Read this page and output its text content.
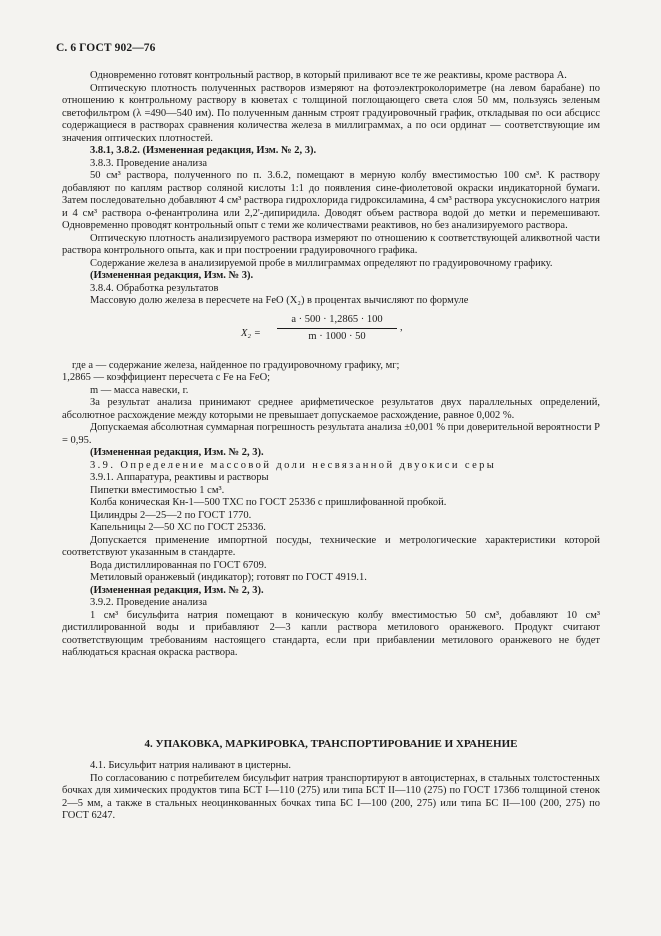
С. 6 ГОСТ 902—76

Одновременно готовят контрольный раствор, в который приливают все те же реактивы, кроме раствора А.

Оптическую плотность полученных растворов измеряют на фотоэлектроколориметре (на левом барабане) по отношению к контрольному раствору в кюветах с толщиной поглощающего света слоя 50 мм, пользуясь зеленым светофильтром (λ =490—540 им). По полученным данным строят градуировочный график, откладывая по оси абсцисс содержащиеся в растворах сравнения количества железа в миллиграммах, а по оси ординат — соответствующие им значения оптических плотностей.

3.8.1, 3.8.2. (Измененная редакция, Изм. № 2, 3).

3.8.3. Проведение анализа

50 см³ раствора, полученного по п. 3.6.2, помещают в мерную колбу вместимостью 100 см³. К раствору добавляют по каплям раствор соляной кислоты 1:1 до появления сине-фиолетовой окраски индикаторной бумаги. Затем последовательно добавляют 4 см³ раствора гидрохлорида гидроксиламина, 4 см³ раствора уксуснокислого натрия и 4 см³ раствора о-фенантролина или 2,2'-дипиридила. Доводят объем раствора водой до метки и перемешивают. Одновременно проводят контрольный опыт с теми же количествами реактивов, но без анализируемого раствора.

Оптическую плотность анализируемого раствора измеряют по отношению к соответствующей аликвотной части раствора контрольного опыта, как и при построении градуировочного графика.

Содержание железа в анализируемой пробе в миллиграммах определяют по градуировочному графику.

(Измененная редакция, Изм. № 3).

3.8.4. Обработка результатов

Массовую долю железа в пересчете на FeO (X₂) в процентах вычисляют по формуле

X₂ =
a · 500 · 1,2865 · 100
m · 1000 · 50
,

где a — содержание железа, найденное по градуировочному графику, мг;

1,2865 — коэффициент пересчета с Fe на FeO;

m — масса навески, г.

За результат анализа принимают среднее арифметическое результатов двух параллельных определений, абсолютное расхождение между которыми не превышает допускаемое расхождение, равное 0,002 %.

Допускаемая абсолютная суммарная погрешность результата анализа ±0,001 % при доверительной вероятности P = 0,95.

(Измененная редакция, Изм. № 2, 3).

3.9. Определение массовой доли несвязанной двуокиси серы

3.9.1. Аппаратура, реактивы и растворы

Пипетки вместимостью 1 см³.

Колба коническая Кн-1—500 ТХС по ГОСТ 25336 с пришлифованной пробкой.

Цилиндры 2—25—2 по ГОСТ 1770.

Капельницы 2—50 ХС по ГОСТ 25336.

Допускается применение импортной посуды, технические и метрологические характеристики которой соответствуют указанным в стандарте.

Вода дистиллированная по ГОСТ 6709.

Метиловый оранжевый (индикатор); готовят по ГОСТ 4919.1.

(Измененная редакция, Изм. № 2, 3).

3.9.2. Проведение анализа

1 см³ бисульфита натрия помещают в коническую колбу вместимостью 50 см³, добавляют 10 см³ дистиллированной воды и прибавляют 2—3 капли раствора метилового оранжевого. Продукт считают соответствующим требованиям настоящего стандарта, если при прибавлении метилового оранжевого не будет наблюдаться красная окраска раствора.

4. УПАКОВКА, МАРКИРОВКА, ТРАНСПОРТИРОВАНИЕ И ХРАНЕНИЕ

4.1. Бисульфит натрия наливают в цистерны.

По согласованию с потребителем бисульфит натрия транспортируют в автоцистернах, в стальных толстостенных бочках для химических продуктов типа БСТ I—110 (275) или типа БСТ II—110 (275) по ГОСТ 17366 толщиной стенок 2—5 мм, а также в стальных неоцинкованных бочках типа БС I—100 (200, 275) или типа БС II—100 (200, 275) по ГОСТ 6247.
